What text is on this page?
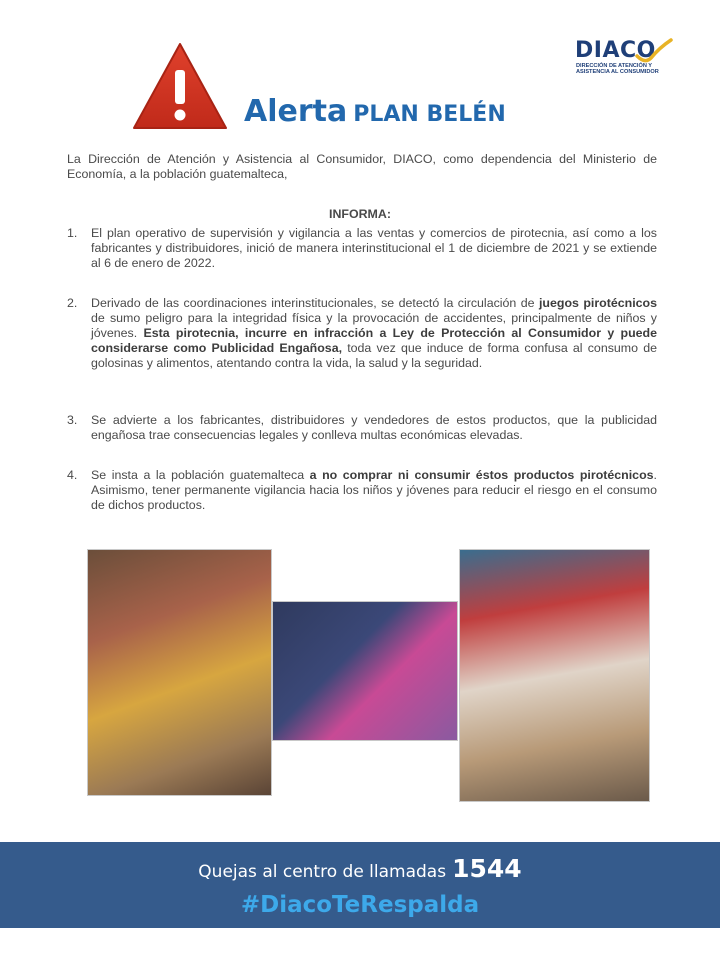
Alerta PLAN BELÉN
DIACO
DIRECCIÓN DE ATENCIÓN Y
ASISTENCIA AL CONSUMIDOR

La Dirección de Atención y Asistencia al Consumidor, DIACO, como dependencia del Ministerio de Economía, a la población guatemalteca,

INFORMA:
1.	El plan operativo de supervisión y vigilancia a las ventas y comercios de pirotecnia, así como a los fabricantes y distribuidores, inició de manera interinstitucional el 1 de diciembre de 2021 y se extiende al 6 de enero de 2022.

2.	Derivado de las coordinaciones interinstitucionales, se detectó la circulación de juegos pirotécnicos de sumo peligro para la integridad física y la provocación de accidentes, principalmente de niños y jóvenes. Esta pirotecnia, incurre en infracción a Ley de Protección al Consumidor y puede considerarse como Publicidad Engañosa, toda vez que induce de forma confusa al consumo de golosinas y alimentos, atentando contra la vida, la salud y la seguridad.

3.	Se advierte a los fabricantes, distribuidores y vendedores de estos productos, que la publicidad engañosa trae consecuencias legales y conlleva multas económicas elevadas.

4.	Se insta a la población guatemalteca a no comprar ni consumir éstos productos pirotécnicos. Asimismo, tener permanente vigilancia hacia los niños y jóvenes para reducir el riesgo en el consumo de dichos productos.

Quejas al centro de llamadas 1544
#DiacoTeRespalda
